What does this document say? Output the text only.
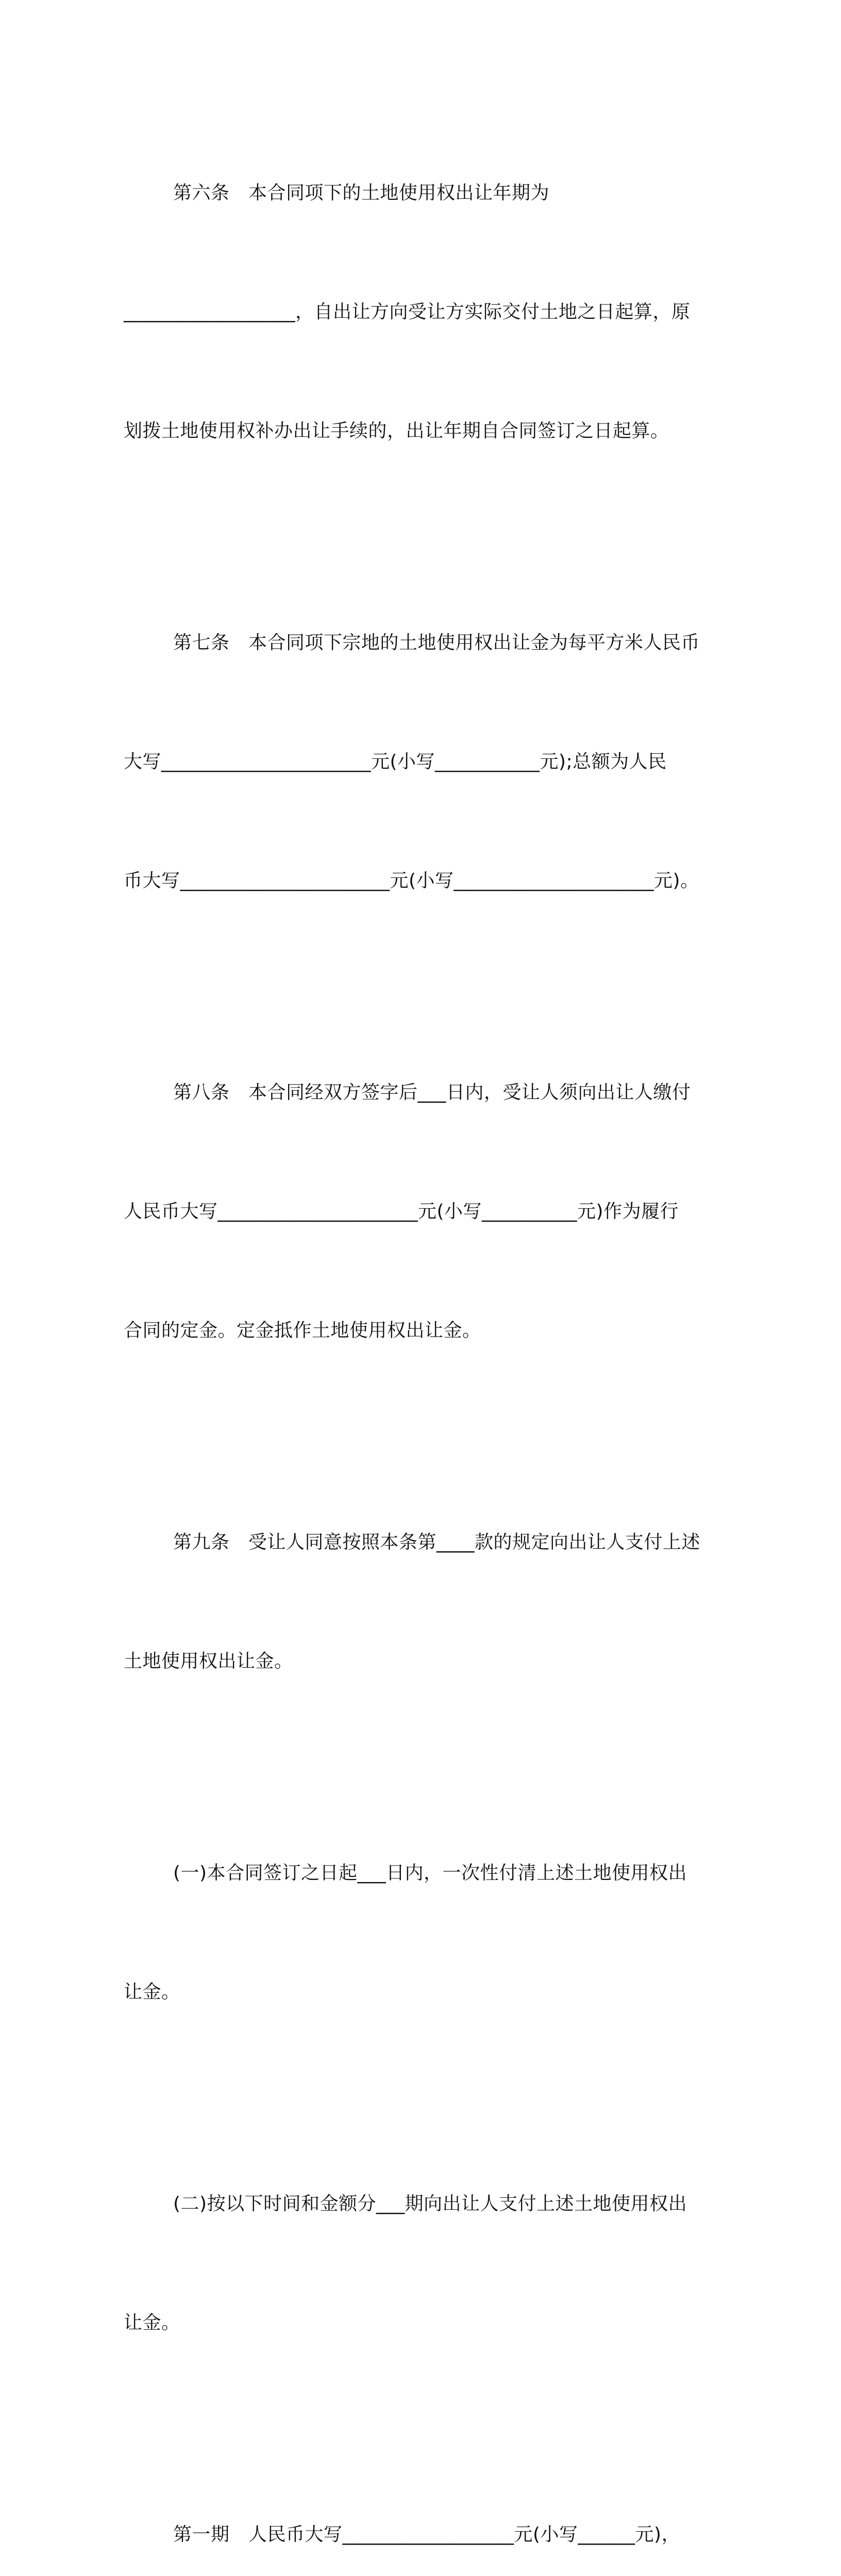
第六条　本合同项下的土地使用权出让年期为

__________________，自出让方向受让方实际交付土地之日起算，原

划拨土地使用权补办出让手续的，出让年期自合同签订之日起算。

第七条　本合同项下宗地的土地使用权出让金为每平方米人民币

大写______________________元(小写___________元);总额为人民

币大写______________________元(小写_____________________元)。

第八条　本合同经双方签字后___日内，受让人须向出让人缴付

人民币大写_____________________元(小写__________元)作为履行

合同的定金。定金抵作土地使用权出让金。

第九条　受让人同意按照本条第____款的规定向出让人支付上述

土地使用权出让金。

(一)本合同签订之日起___日内，一次性付清上述土地使用权出

让金。

(二)按以下时间和金额分___期向出让人支付上述土地使用权出

让金。

第一期　人民币大写__________________元(小写______元)，
